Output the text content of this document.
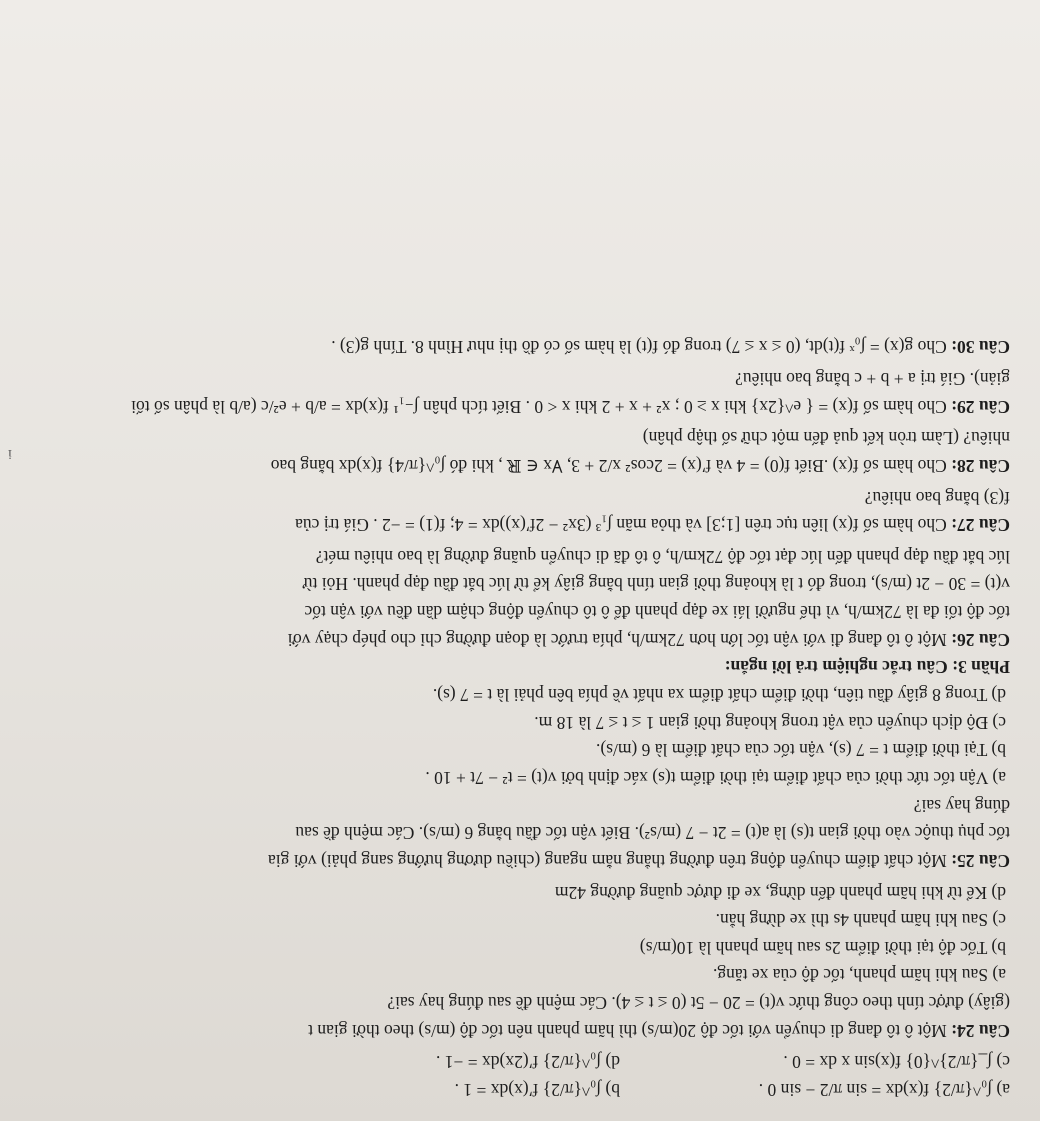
a) ∫₀^{π/2} f(x)dx = sin π/2 − sin 0 .
b) ∫₀^{π/2} f′(x)dx = 1 .
c) ∫_{π/2}^{0} f(x)sin x dx = 0 .
d) ∫₀^{π/2} f′(2x)dx = −1 .

Câu 24: Một ô tô đang di chuyển với tốc độ 20(m/s) thì hãm phanh nên tốc độ (m/s) theo thời gian t

(giây) được tính theo công thức v(t) = 20 − 5t (0 ≤ t ≤ 4). Các mệnh đề sau đúng hay sai?

a) Sau khi hãm phanh, tốc độ của xe tăng.

b) Tốc độ tại thời điểm 2s sau hãm phanh là 10(m/s)

c) Sau khi hãm phanh 4s thì xe dừng hẳn.

d) Kể từ khi hãm phanh đến dừng, xe đi được quãng đường 42m

Câu 25: Một chất điểm chuyển động trên đường thẳng nằm ngang (chiều dương hướng sang phải) với gia

tốc phụ thuộc vào thời gian t(s) là a(t) = 2t − 7 (m/s²). Biết vận tốc đầu bằng 6 (m/s). Các mệnh đề sau

đúng hay sai?

a) Vận tốc tức thời của chất điểm tại thời điểm t(s) xác định bởi v(t) = t² − 7t + 10 .

b) Tại thời điểm t = 7 (s), vận tốc của chất điểm là 6 (m/s).

c) Độ dịch chuyển của vật trong khoảng thời gian 1 ≤ t ≤ 7 là 18 m.

d) Trong 8 giây đầu tiên, thời điểm chất điểm xa nhất về phía bên phải là t = 7 (s).

Phần 3: Câu trắc nghiệm trả lời ngắn:

Câu 26: Một ô tô đang đi với vận tốc lớn hơn 72km/h, phía trước là đoạn đường chỉ cho phép chạy với

tốc độ tối đa là 72km/h, vì thế người lái xe đạp phanh để ô tô chuyển động chậm dần đều với vận tốc

v(t) = 30 − 2t (m/s), trong đó t là khoảng thời gian tính bằng giây kể từ lúc bắt đầu đạp phanh. Hỏi từ

lúc bắt đầu đạp phanh đến lúc đạt tốc độ 72km/h, ô tô đã di chuyển quãng đường là bao nhiêu mét?

Câu 27: Cho hàm số f(x) liên tục trên [1;3] và thỏa mãn ∫₁³ (3x² − 2f′(x))dx = 4; f(1) = −2 . Giá trị của

f(3) bằng bao nhiêu?

Câu 28: Cho hàm số f(x) .Biết f(0) = 4 và f′(x) = 2cos² x/2 + 3, ∀x ∈ ℝ , khi đó ∫₀^{π/4} f(x)dx bằng bao

nhiêu? (Làm tròn kết quả đến một chữ số thập phân)

Câu 29: Cho hàm số f(x) = { e^{2x} khi x ≥ 0 ; x² + x + 2 khi x < 0 . Biết tích phân ∫₋₁¹ f(x)dx = a/b + e²/c (a/b là phân số tối

giản). Giá trị a + b + c bằng bao nhiêu?

Câu 30: Cho g(x) = ∫₀ˣ f(t)dt, (0 ≤ x ≤ 7) trong đó f(t) là hàm số có đồ thị như Hình 8. Tính g(3) .

i
